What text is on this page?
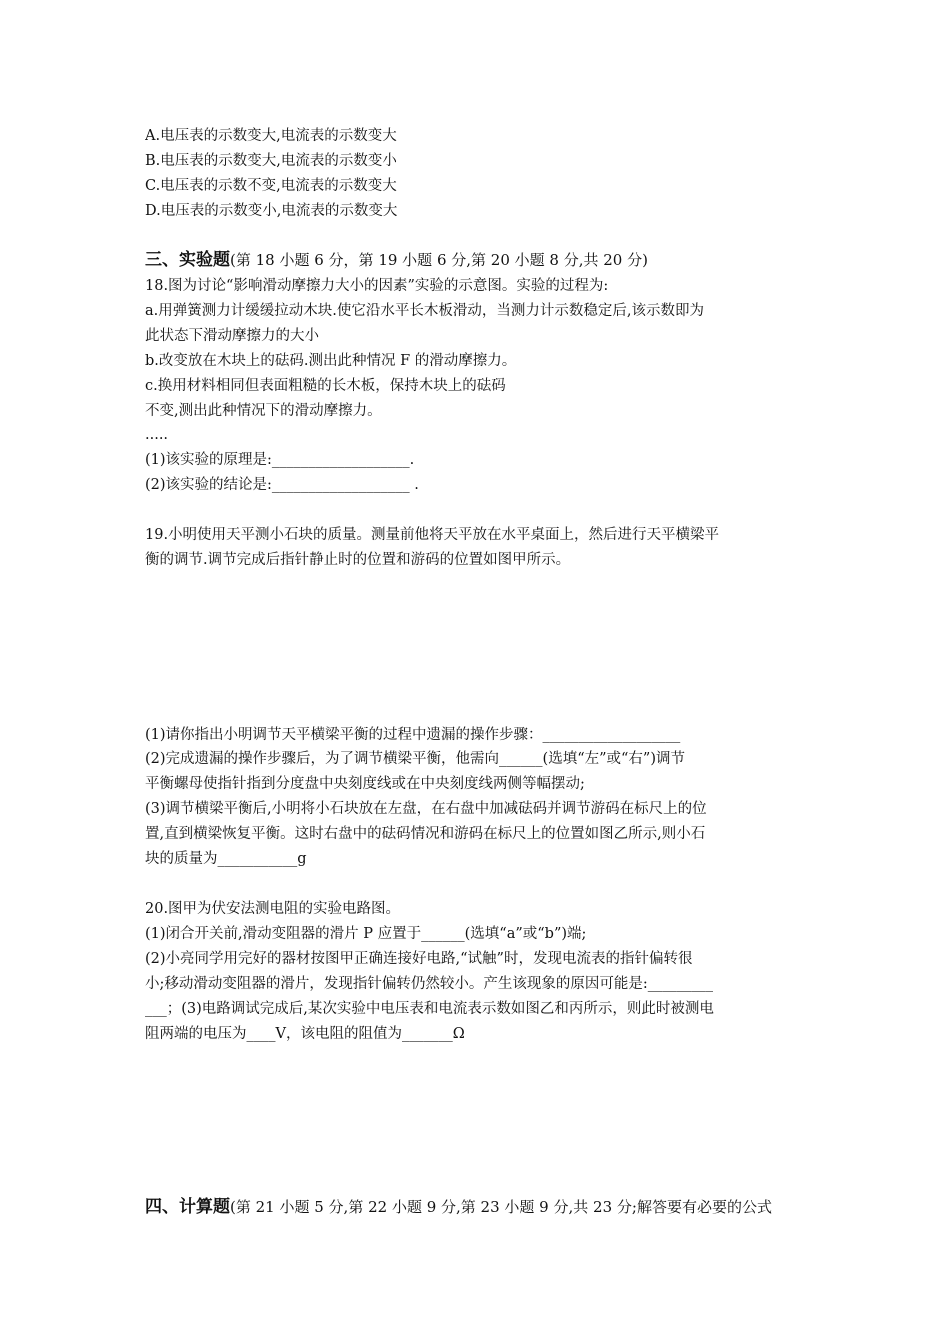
A.电压表的示数变大,电流表的示数变大
B.电压表的示数变大,电流表的示数变小
C.电压表的示数不变,电流表的示数变大
D.电压表的示数变小,电流表的示数变大
三、实验题(第 18 小题 6 分，第 19 小题 6 分,第 20 小题 8 分,共 20 分)
18.图为讨论“影响滑动摩擦力大小的因素”实验的示意图。实验的过程为:
a.用弹簧测力计缓缓拉动木块.使它沿水平长木板滑动，当测力计示数稳定后,该示数即为
此状态下滑动摩擦力的大小
b.改变放在木块上的砝码.测出此种情况 F 的滑动摩擦力。
c.换用材料相同但表面粗糙的长木板，保持木块上的砝码
不变,测出此种情况下的滑动摩擦力。
.....
(1)该实验的原理是:___________________.
(2)该实验的结论是:___________________ .
19.小明使用天平测小石块的质量。测量前他将天平放在水平桌面上，然后进行天平横梁平
衡的调节.调节完成后指针静止时的位置和游码的位置如图甲所示。
(1)请你指出小明调节天平横梁平衡的过程中遗漏的操作步骤：___________________
(2)完成遗漏的操作步骤后，为了调节横梁平衡，他需向______(选填“左”或“右”)调节
平衡螺母使指针指到分度盘中央刻度线或在中央刻度线两侧等幅摆动;
(3)调节横梁平衡后,小明将小石块放在左盘，在右盘中加减砝码并调节游码在标尺上的位
置,直到横梁恢复平衡。这时右盘中的砝码情况和游码在标尺上的位置如图乙所示,则小石
块的质量为___________g
20.图甲为伏安法测电阻的实验电路图。
(1)闭合开关前,滑动变阻器的滑片 P 应置于______(选填“a”或“b”)端;
(2)小亮同学用完好的器材按图甲正确连接好电路,“试触”时，发现电流表的指针偏转很
小;移动滑动变阻器的滑片，发现指针偏转仍然较小。产生该现象的原因可能是:_________
___；(3)电路调试完成后,某次实验中电压表和电流表示数如图乙和丙所示，则此时被测电
阻两端的电压为____V，该电阻的阻值为_______Ω
四、计算题(第 21 小题 5 分,第 22 小题 9 分,第 23 小题 9 分,共 23 分;解答要有必要的公式
